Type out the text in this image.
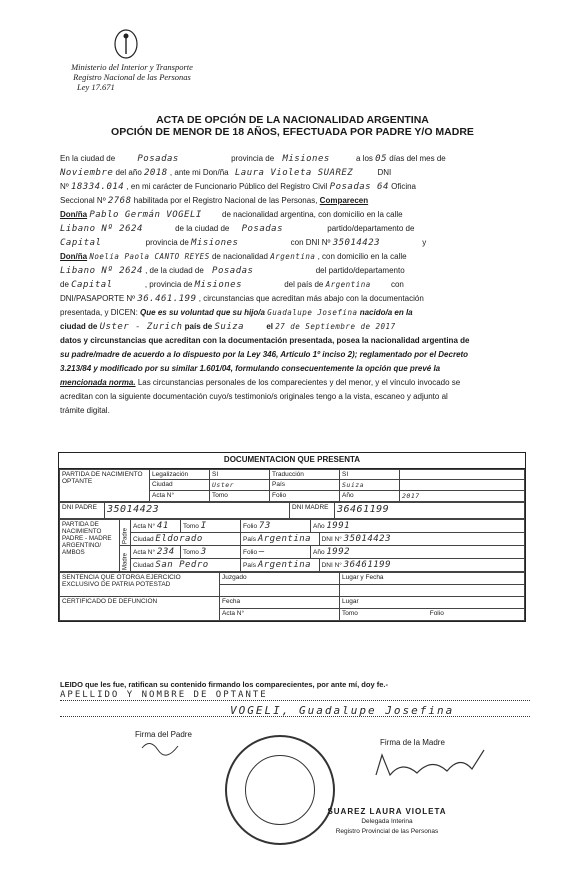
Ministerio del Interior y Transporte
Registro Nacional de las Personas
Ley 17.671
ACTA DE OPCIÓN DE LA NACIONALIDAD ARGENTINA
OPCIÓN DE MENOR DE 18 AÑOS, EFECTUADA POR PADRE Y/O MADRE
En la ciudad de Posadas	provincia de Misiones	a los 05 días del mes de
Noviembre del año 2018 , ante mi Don/ña Laura Violeta SUAREZ	DNI
Nº 18334.014 , en mi carácter de Funcionario Público del Registro Civil Posadas 64 Oficina
Seccional Nº 2768 habilitada por el Registro Nacional de las Personas, Comparecen
Don/ña Pablo Germán VOGELI	de nacionalidad argentina, con domicilio en la calle
Libano Nº 2624	de la ciudad de Posadas	partido/departamento de
Capital	provincia de Misiones	con DNI Nº 35014423	y
Don/ña Noelia Paola CANTO REYES de nacionalidad Argentina , con domicilio en la calle
Libano Nº 2624 , de la ciudad de Posadas	del partido/departamento
de Capital	, provincia de Misiones	del país de Argentina	con
DNI/PASAPORTE Nº 36.461.199 , circunstancias que acreditan más abajo con la documentación
presentada, y DICEN: Que es su voluntad que su hijo/a Guadalupe Josefina nacido/a en la
ciudad de Uster - Zurich país de Suiza	el 27 de Septiembre de 2017
datos y circunstancias que acreditan con la documentación presentada, posea la nacionalidad argentina de
su padre/madre de acuerdo a lo dispuesto por la Ley 346, Artículo 1º inciso 2); reglamentado por el Decreto
3.213/84 y modificado por su similar 1.601/04, formulando consecuentemente la opción que prevé la
mencionada norma. Las circunstancias personales de los comparecientes y del menor, y el vínculo invocado se
acreditan con la siguiente documentación cuyo/s testimonio/s originales tengo a la vista, escaneo y adjunto al
trámite digital.
DOCUMENTACION QUE PRESENTA
PARTIDA DE NACIMIENTO OPTANTE	Legalización	SI	Traducción	SI	
	Ciudad	Uster	País	Suiza	
	Acta N°	Tomo	Folio	Año	2017
DNI PADRE	35014423	DNI MADRE	36461199
PARTIDA DE NACIMIENTO PADRE - MADRE ARGENTINO/ AMBOS	Padre	Acta N° 41	Tomo I	Folio 73	Año 1991	
		Ciudad Eldorado		País Argentina		DNI N° 35014423
	Madre	Acta N° 234	Tomo 3	Folio —	Año 1992	
		Ciudad San Pedro		País Argentina		DNI N° 36461199
SENTENCIA QUE OTORGA EJERCICIO EXCLUSIVO DE PATRIA POTESTAD	Juzgado	Lugar y Fecha

CERTIFICADO DE DEFUNCION	Fecha	Lugar
	Acta N°	Tomo Folio
LEIDO que les fue, ratifican su contenido firmando los comparecientes, por ante mí, doy fe.-
APELLIDO Y NOMBRE DE OPTANTE
VOGELI, Guadalupe Josefina
Firma del Padre
Firma de la Madre
SUAREZ LAURA VIOLETA
Delegada Interina
Registro Provincial de las Personas
